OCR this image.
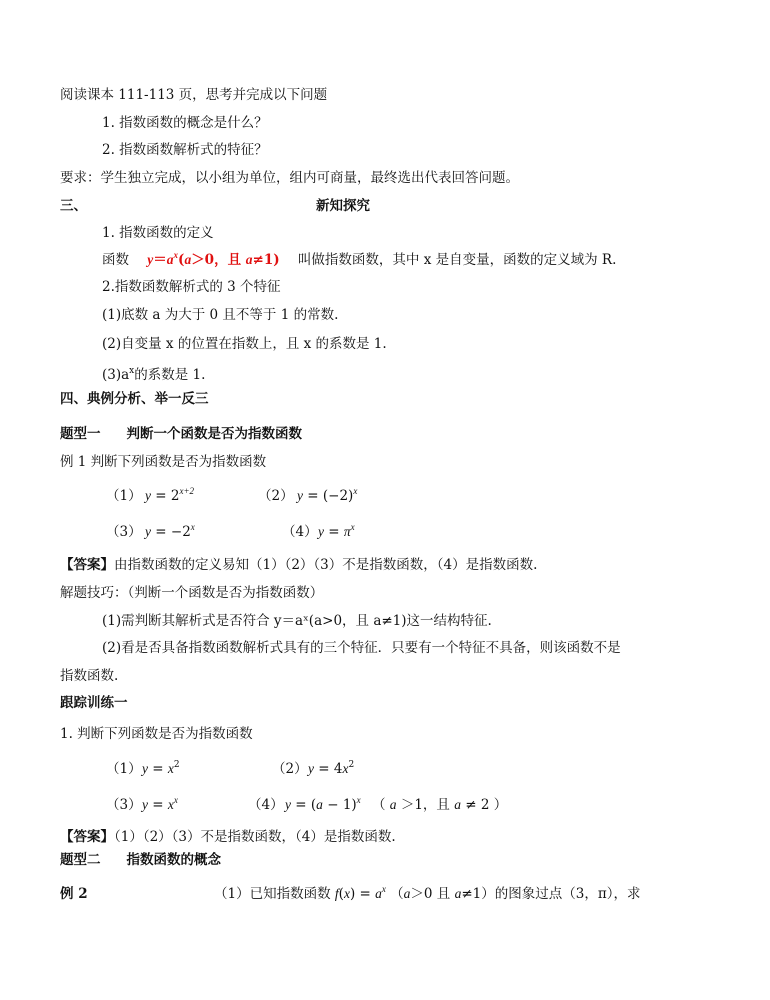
阅读课本 111-113 页，思考并完成以下问题
1. 指数函数的概念是什么？
2. 指数函数解析式的特征？
要求：学生独立完成，以小组为单位，组内可商量，最终选出代表回答问题。
三、	新知探究
1. 指数函数的定义
函数 $y=a^x(a>0$，且 a≠1) 叫做指数函数，其中 x 是自变量，函数的定义域为 R.
2.指数函数解析式的 3 个特征
(1)底数 a 为大于 0 且不等于 1 的常数.
(2)自变量 x 的位置在指数上，且 x 的系数是 1.
$(3)a^x$的系数是 1.
四、典例分析、举一反三
题型一 判断一个函数是否为指数函数
例 1 判断下列函数是否为指数函数
（1） $y = 2^{x+2}$	（2） $y = (-2)^x$
（3） $y = -2^x$	（4） $y = \pi^x$
【答案】由指数函数的定义易知（1）（2）（3）不是指数函数，（4）是指数函数.
解题技巧：（判断一个函数是否为指数函数）
(1)需判断其解析式是否符合 y＝aˣ(a>0，且 a≠1)这一结构特征.
(2)看是否具备指数函数解析式具有的三个特征．只要有一个特征不具备，则该函数不是
指数函数.
跟踪训练一
1. 判断下列函数是否为指数函数
（1） $y = x^2$	（2） $y = 4x^2$
（3） $y = x^x$	（4） $y = (a - 1)^x$ （ a ＞1，且 a ≠ 2 ）
【答案】（1）（2）（3）不是指数函数，（4）是指数函数.
题型二 指数函数的概念
例 2	（1）已知指数函数 $f(x) = a^x$ （a＞0 且 a≠1）的图象过点（3，π），求
